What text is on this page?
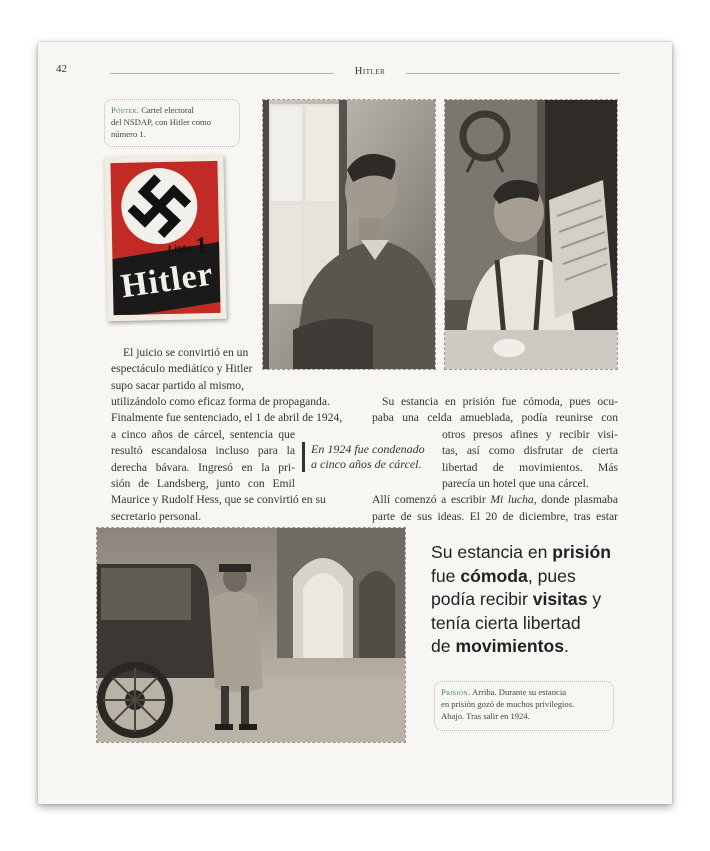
42	Hitler
Póster. Cartel electoral
del NSDAP, con Hitler como
número 1.
Liste 1
Hitler
El juicio se convirtió en un
espectáculo mediático y Hitler
supo sacar partido al mismo,
utilizándolo como eficaz forma de propaganda.
Finalmente fue sentenciado, el 1 de abril de 1924,
a cinco años de cárcel, sentencia que
resultó escandalosa incluso para la
derecha bávara. Ingresó en la pri-
sión de Landsberg, junto con Emil
Maurice y Rudolf Hess, que se convirtió en su
secretario personal.
En 1924 fue condenado
a cinco años de cárcel.
Su estancia en prisión fue cómoda, pues ocu-
paba una celda amueblada, podía reunirse con
otros presos afines y recibir visi-
tas, así como disfrutar de cierta
libertad de movimientos. Más
parecía un hotel que una cárcel.
Allí comenzó a escribir Mi lucha, donde plasmaba
parte de sus ideas. El 20 de diciembre, tras estar
Su estancia en prisión
fue cómoda, pues
podía recibir visitas y
tenía cierta libertad
de movimientos.
Prisión. Arriba. Durante su estancia
en prisión gozó de muchos privilegios.
Abajo. Tras salir en 1924.
